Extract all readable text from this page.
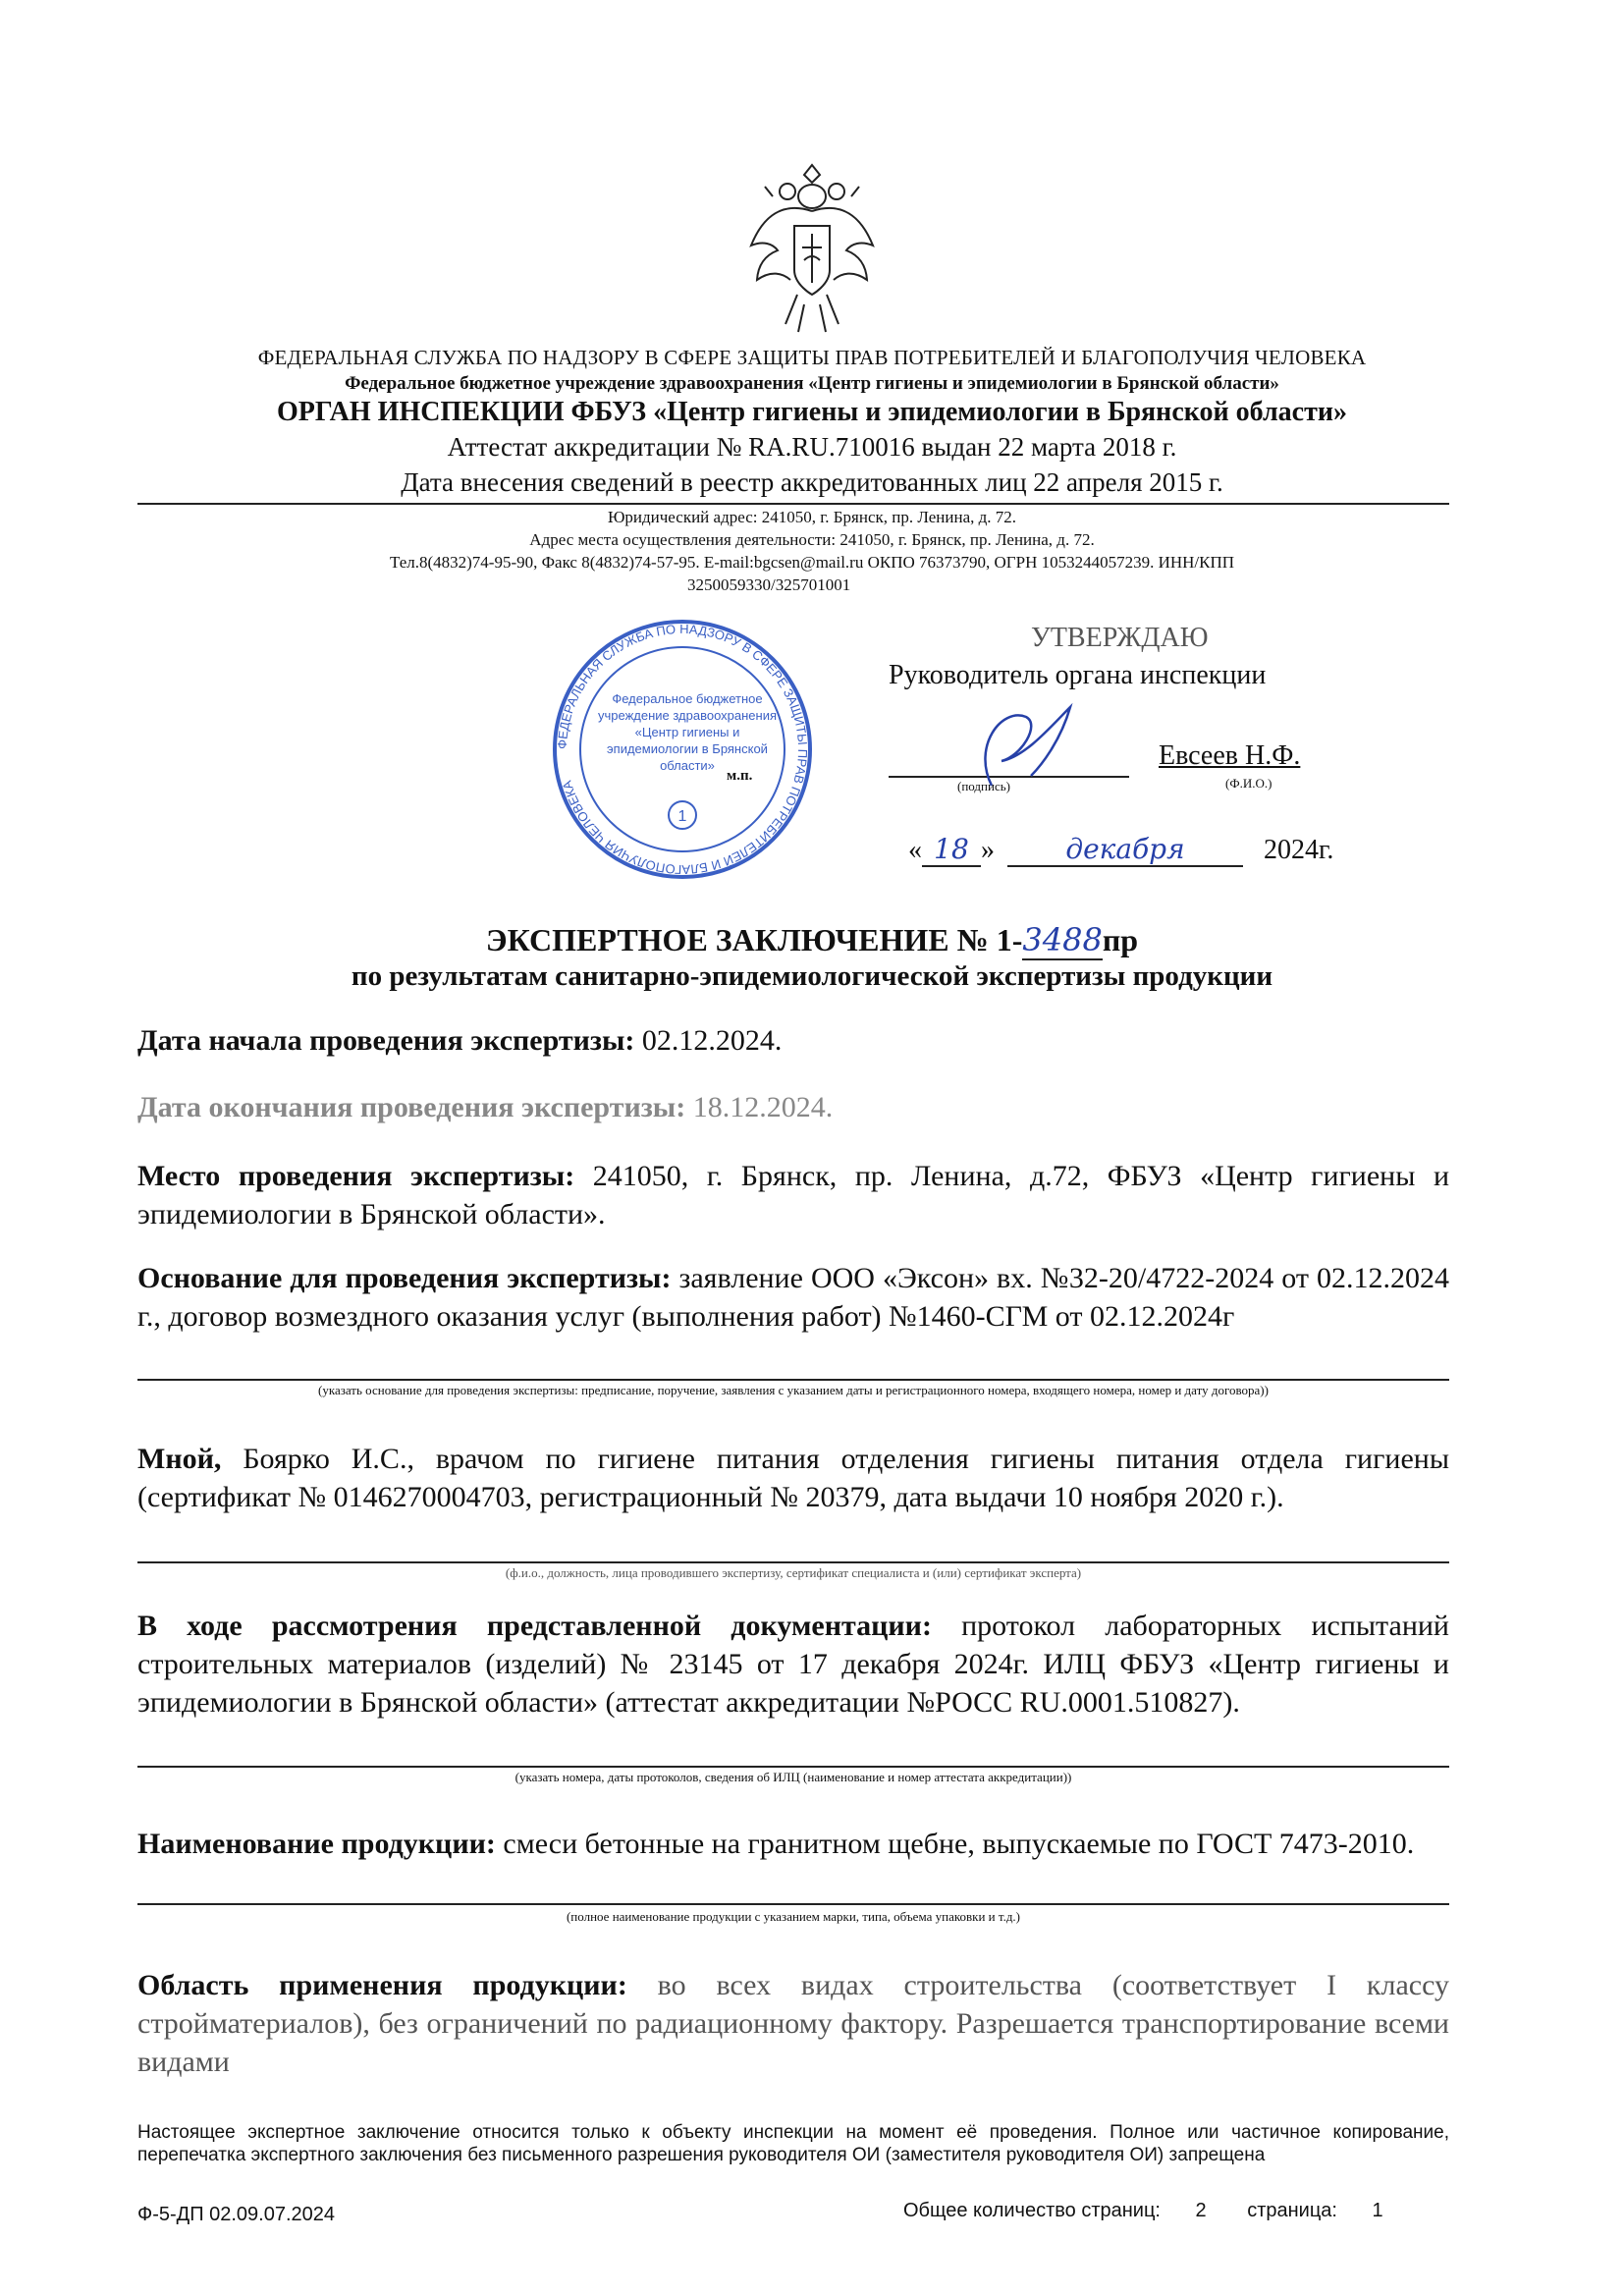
ФЕДЕРАЛЬНАЯ СЛУЖБА ПО НАДЗОРУ В СФЕРЕ ЗАЩИТЫ ПРАВ ПОТРЕБИТЕЛЕЙ И БЛАГОПОЛУЧИЯ ЧЕЛОВЕКА
Федеральное бюджетное учреждение здравоохранения «Центр гигиены и эпидемиологии в Брянской области»
ОРГАН ИНСПЕКЦИИ ФБУЗ «Центр гигиены и эпидемиологии в Брянской области»
Аттестат аккредитации № RA.RU.710016 выдан 22 марта 2018 г.
Дата внесения сведений в реестр аккредитованных лиц 22 апреля 2015 г.
Юридический адрес: 241050, г. Брянск, пр. Ленина, д. 72.
Адрес места осуществления деятельности: 241050, г. Брянск, пр. Ленина, д. 72.
Тел.8(4832)74-95-90, Факс 8(4832)74-57-95. E-mail:bgcsen@mail.ru ОКПО 76373790, ОГРН 1053244057239. ИНН/КПП
3250059330/325701001
ФЕДЕРАЛЬНАЯ СЛУЖБА ПО НАДЗОРУ В СФЕРЕ ЗАЩИТЫ ПРАВ ПОТРЕБИТЕЛЕЙ И БЛАГОПОЛУЧИЯ ЧЕЛОВЕКА
Федеральное бюджетное
учреждение здравоохранения
«Центр гигиены и
эпидемиологии в Брянской
области»
1
УТВЕРЖДАЮ
Руководитель органа инспекции
(подпись)
Евсеев Н.Ф.
(Ф.И.О.)
м.п.
« 18 »	декабря	2024г.
ЭКСПЕРТНОЕ ЗАКЛЮЧЕНИЕ № 1-3488пр
по результатам санитарно-эпидемиологической экспертизы продукции
Дата начала проведения экспертизы: 02.12.2024.
Дата окончания проведения экспертизы: 18.12.2024.
Место проведения экспертизы: 241050, г. Брянск, пр. Ленина, д.72, ФБУЗ «Центр гигиены и эпидемиологии в Брянской области».
Основание для проведения экспертизы: заявление ООО «Эксон» вх. №32-20/4722-2024 от 02.12.2024 г., договор возмездного оказания услуг (выполнения работ) №1460-СГМ от 02.12.2024г
(указать основание для проведения экспертизы: предписание, поручение, заявления с указанием даты и регистрационного номера, входящего номера, номер и дату договора))
Мной, Боярко И.С., врачом по гигиене питания отделения гигиены питания отдела гигиены (сертификат № 0146270004703, регистрационный № 20379, дата выдачи 10 ноября 2020 г.).
(ф.и.о., должность, лица проводившего экспертизу, сертификат специалиста и (или) сертификат эксперта)
В ходе рассмотрения представленной документации: протокол лабораторных испытаний строительных материалов (изделий) № 23145 от 17 декабря 2024г. ИЛЦ ФБУЗ «Центр гигиены и эпидемиологии в Брянской области» (аттестат аккредитации №РОСС RU.0001.510827).
(указать номера, даты протоколов, сведения об ИЛЦ (наименование и номер аттестата аккредитации))
Наименование продукции: смеси бетонные на гранитном щебне, выпускаемые по ГОСТ 7473-2010.
(полное наименование продукции с указанием марки, типа, объема упаковки и т.д.)
Область применения продукции: во всех видах строительства (соответствует I классу стройматериалов), без ограничений по радиационному фактору. Разрешается транспортирование всеми видами
Настоящее экспертное заключение относится только к объекту инспекции на момент её проведения. Полное или частичное копирование, перепечатка экспертного заключения без письменного разрешения руководителя ОИ (заместителя руководителя ОИ) запрещена
Ф-5-ДП 02.09.07.2024	Общее количество страниц: 2 страница: 1
